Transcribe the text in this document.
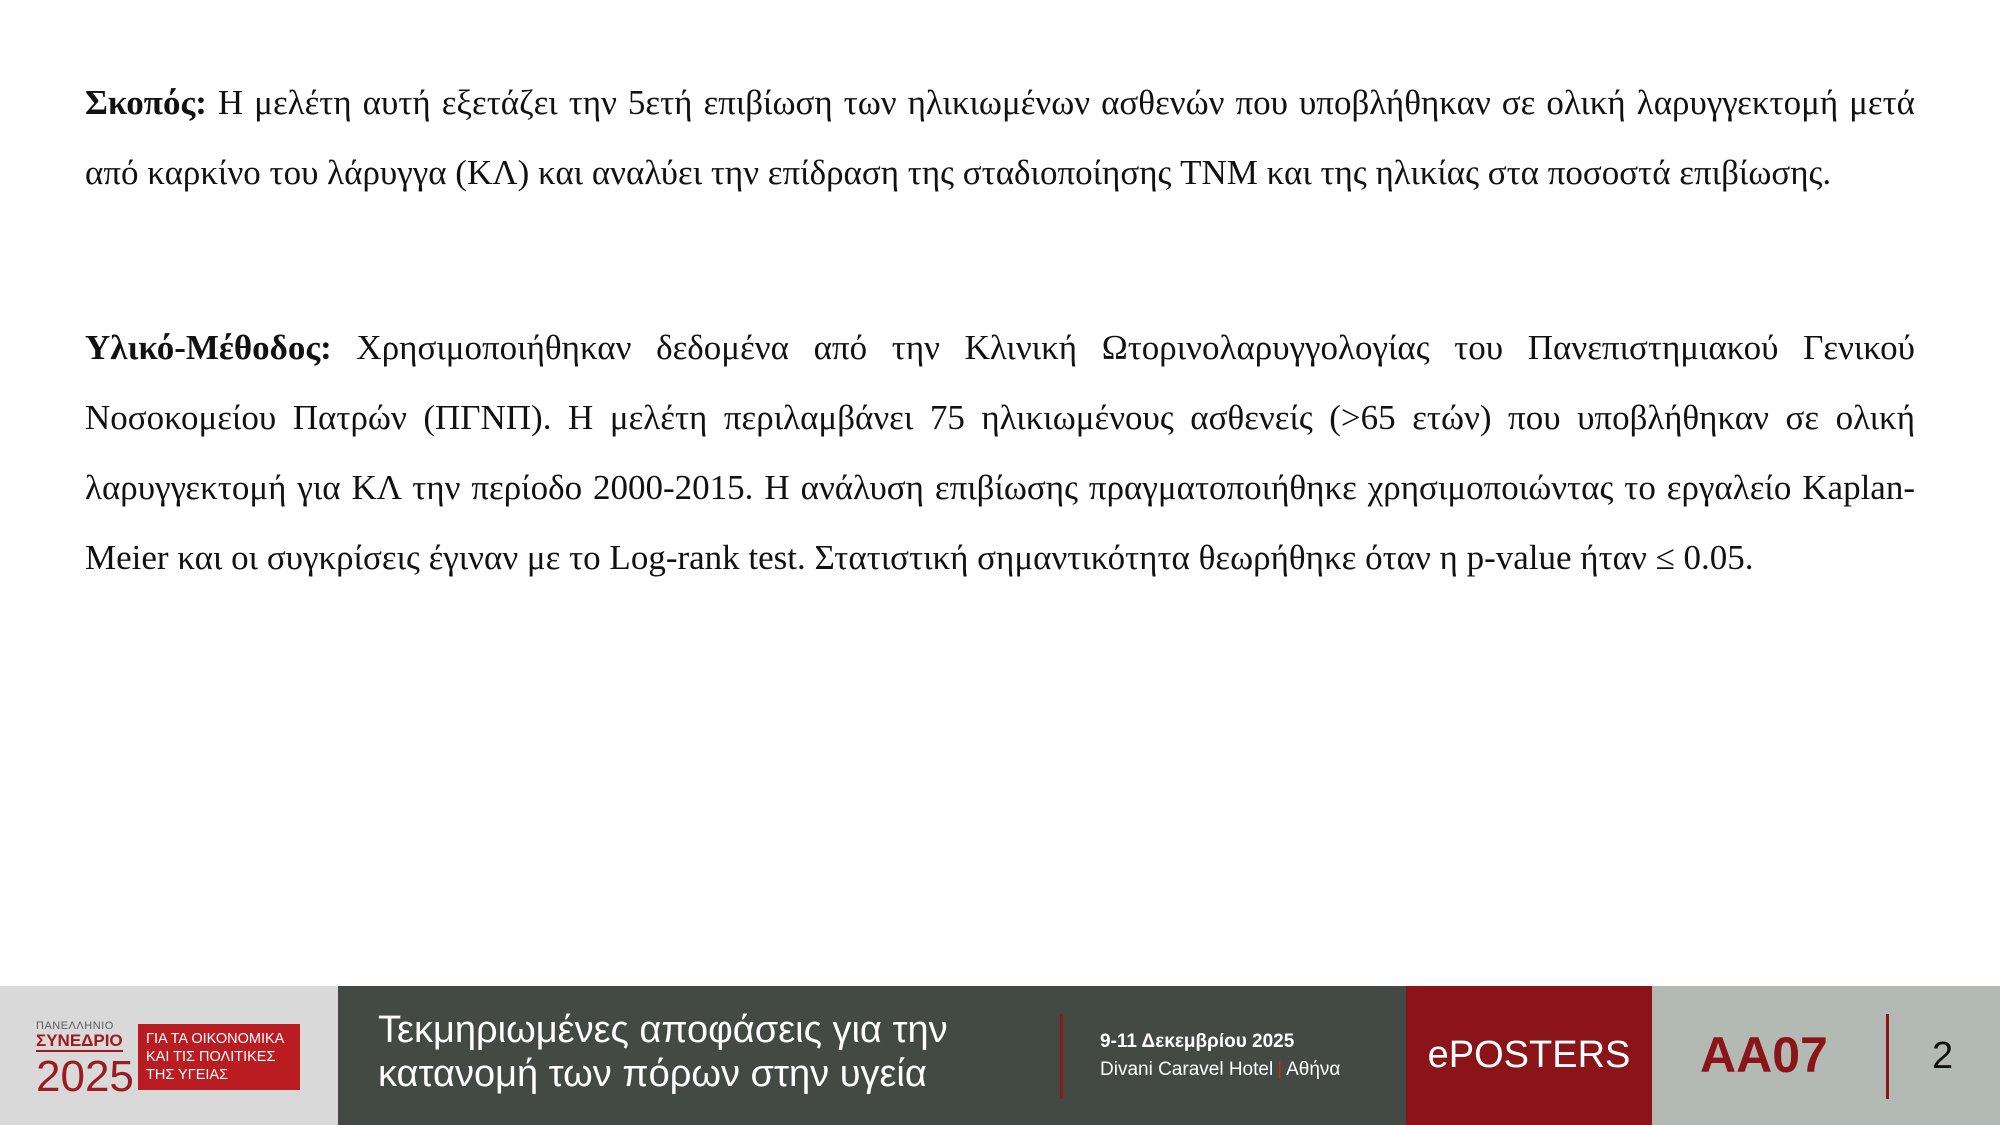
Σκοπός: Η μελέτη αυτή εξετάζει την 5ετή επιβίωση των ηλικιωμένων ασθενών που υποβλήθηκαν σε ολική λαρυγγεκτομή μετά από καρκίνο του λάρυγγα (ΚΛ) και αναλύει την επίδραση της σταδιοποίησης TNM και της ηλικίας στα ποσοστά επιβίωσης.

Υλικό-Μέθοδος: Χρησιμοποιήθηκαν δεδομένα από την Κλινική Ωτορινολαρυγγολογίας του Πανεπιστημιακού Γενικού Νοσοκομείου Πατρών (ΠΓΝΠ). Η μελέτη περιλαμβάνει 75 ηλικιωμένους ασθενείς (>65 ετών) που υποβλήθηκαν σε ολική λαρυγγεκτομή για ΚΛ την περίοδο 2000-2015. Η ανάλυση επιβίωσης πραγματοποιήθηκε χρησιμοποιώντας το εργαλείο Kaplan-Meier και οι συγκρίσεις έγιναν με το Log-rank test. Στατιστική σημαντικότητα θεωρήθηκε όταν η p-value ήταν ≤ 0.05.

ΠΑΝΕΛΛΗΝΙΟ
ΣΥΝΕΔΡΙΟ
2025
ΓΙΑ ΤΑ ΟΙΚΟΝΟΜΙΚΑ
ΚΑΙ ΤΙΣ ΠΟΛΙΤΙΚΕΣ
ΤΗΣ ΥΓΕΙΑΣ
Τεκμηριωμένες αποφάσεις για την
κατανομή των πόρων στην υγεία
9-11 Δεκεμβρίου 2025
Divani Caravel Hotel | Αθήνα	ePOSTERS	AA07	2
